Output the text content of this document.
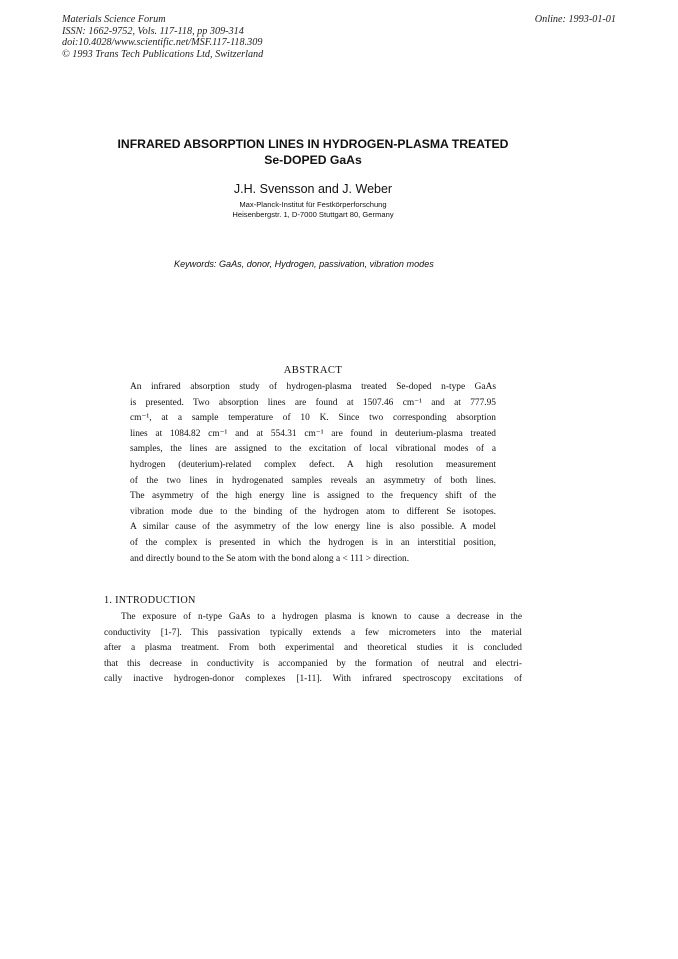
Materials Science Forum
ISSN: 1662-9752, Vols. 117-118, pp 309-314
doi:10.4028/www.scientific.net/MSF.117-118.309
© 1993 Trans Tech Publications Ltd, Switzerland
Online: 1993-01-01
INFRARED ABSORPTION LINES IN HYDROGEN-PLASMA TREATED
Se-DOPED GaAs
J.H. Svensson and J. Weber
Max-Planck-Institut für Festkörperforschung
Heisenbergstr. 1, D-7000 Stuttgart 80, Germany
Keywords: GaAs, donor, Hydrogen, passivation, vibration modes
ABSTRACT
An infrared absorption study of hydrogen-plasma treated Se-doped n-type GaAs
is presented. Two absorption lines are found at 1507.46 cm⁻¹ and at 777.95
cm⁻¹, at a sample temperature of 10 K. Since two corresponding absorption
lines at 1084.82 cm⁻¹ and at 554.31 cm⁻¹ are found in deuterium-plasma treated
samples, the lines are assigned to the excitation of local vibrational modes of a
hydrogen (deuterium)-related complex defect. A high resolution measurement
of the two lines in hydrogenated samples reveals an asymmetry of both lines.
The asymmetry of the high energy line is assigned to the frequency shift of the
vibration mode due to the binding of the hydrogen atom to different Se isotopes.
A similar cause of the asymmetry of the low energy line is also possible. A model
of the complex is presented in which the hydrogen is in an interstitial position,
and directly bound to the Se atom with the bond along a < 111 > direction.
1. INTRODUCTION
The exposure of n-type GaAs to a hydrogen plasma is known to cause a decrease in the
conductivity [1-7]. This passivation typically extends a few micrometers into the material
after a plasma treatment. From both experimental and theoretical studies it is concluded
that this decrease in conductivity is accompanied by the formation of neutral and electri-
cally inactive hydrogen-donor complexes [1-11]. With infrared spectroscopy excitations of
